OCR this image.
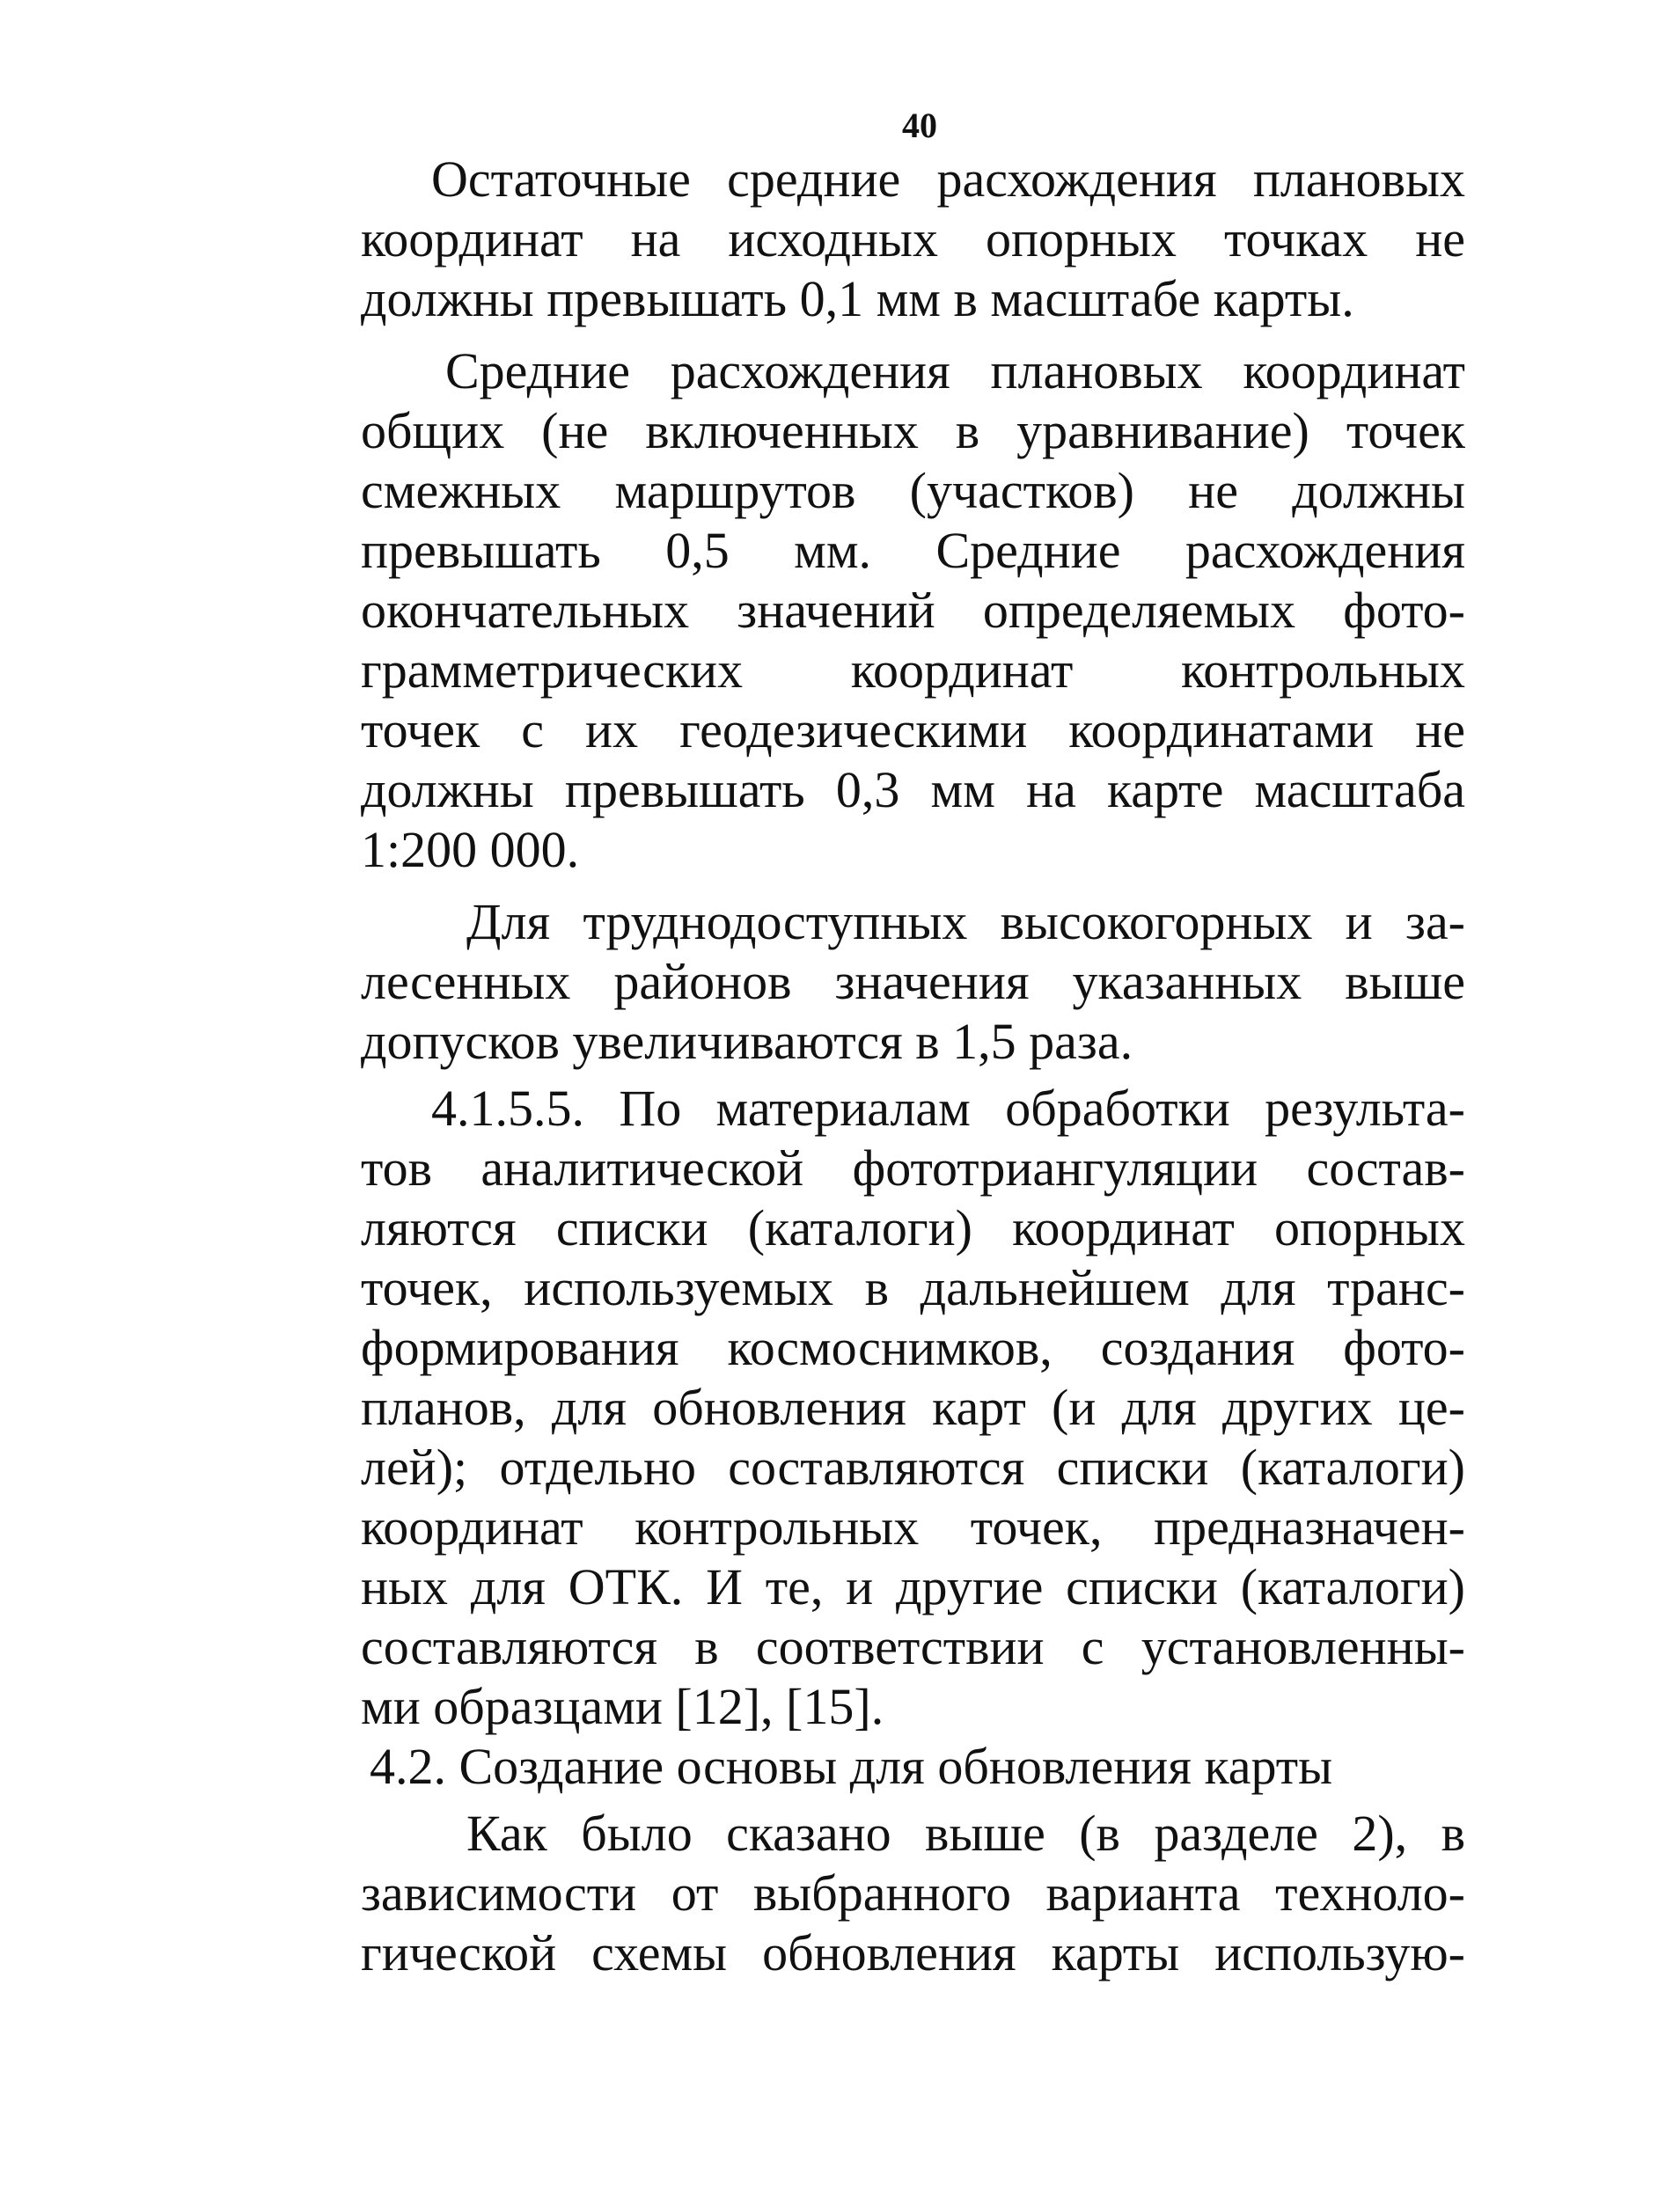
40
Остаточные средние расхождения плановых
координат на исходных опорных точках не
должны превышать 0,1 мм в масштабе карты.
Средние расхождения плановых координат
общих (не включенных в уравнивание) точек
смежных маршрутов (участков) не должны
превышать 0,5 мм. Средние расхождения
окончательных значений определяемых фото-
грамметрических координат контрольных
точек с их геодезическими координатами не
должны превышать 0,3 мм на карте масштаба
1:200 000.
Для труднодоступных высокогорных и за-
лесенных районов значения указанных выше
допусков увеличиваются в 1,5 раза.
4.1.5.5. По материалам обработки результа-
тов аналитической фототриангуляции состав-
ляются списки (каталоги) координат опорных
точек, используемых в дальнейшем для транс-
формирования космоснимков, создания фото-
планов, для обновления карт (и для других це-
лей); отдельно составляются списки (каталоги)
координат контрольных точек, предназначен-
ных для ОТК. И те, и другие списки (каталоги)
составляются в соответствии с установленны-
ми образцами [12], [15].
4.2. Создание основы для обновления карты
Как было сказано выше (в разделе 2), в
зависимости от выбранного варианта техноло-
гической схемы обновления карты использую-
